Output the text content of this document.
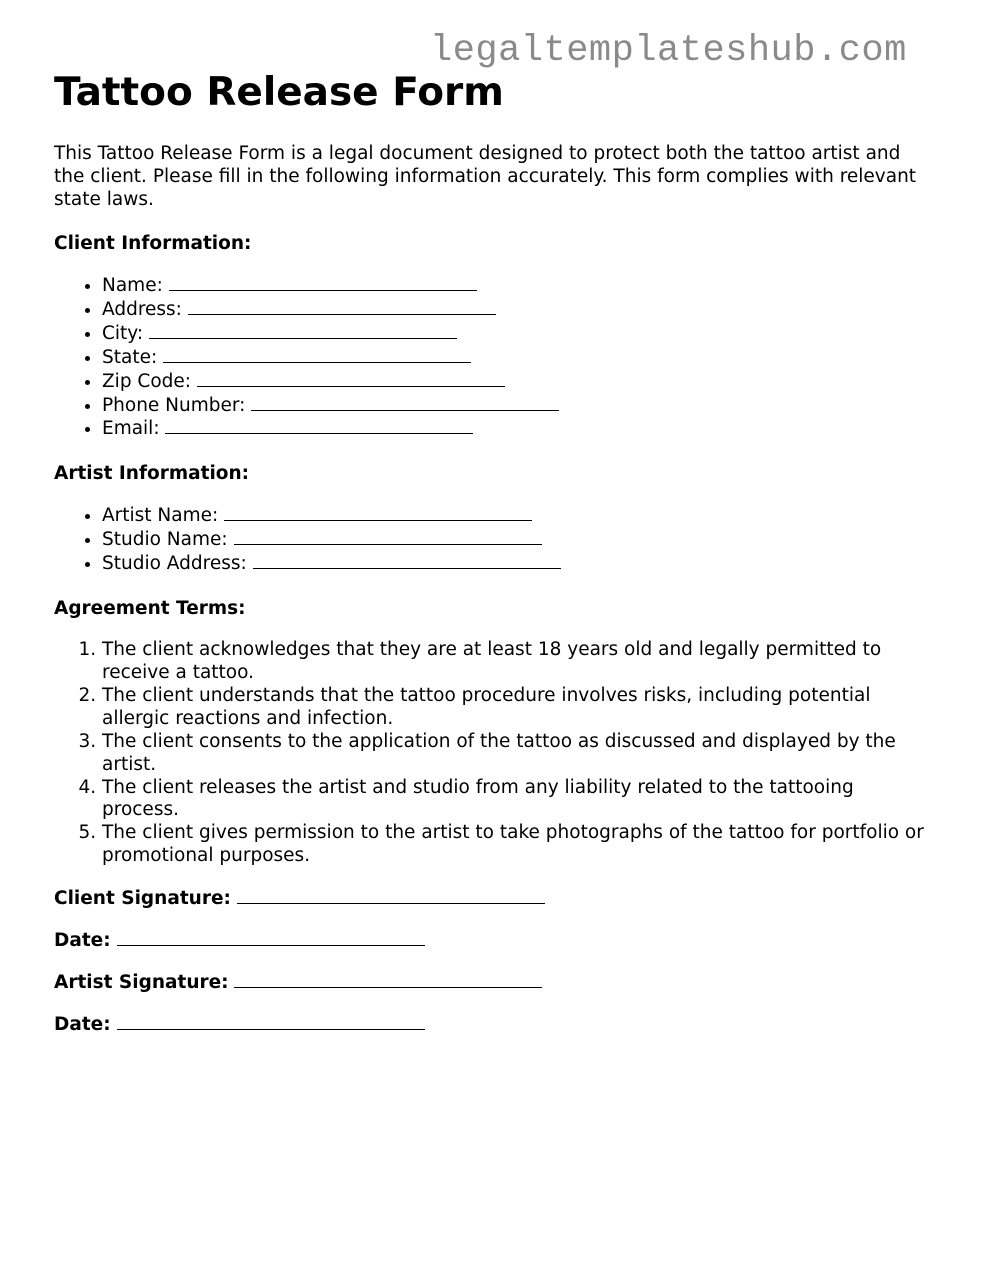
legaltemplateshub.com
Tattoo Release Form

This Tattoo Release Form is a legal document designed to protect both the tattoo artist and the client. Please fill in the following information accurately. This form complies with relevant state laws.

Client Information:

• Name:
• Address:
• City:
• State:
• Zip Code:
• Phone Number:
• Email:

Artist Information:

• Artist Name:
• Studio Name:
• Studio Address:

Agreement Terms:

1. The client acknowledges that they are at least 18 years old and legally permitted to receive a tattoo.
2. The client understands that the tattoo procedure involves risks, including potential allergic reactions and infection.
3. The client consents to the application of the tattoo as discussed and displayed by the artist.
4. The client releases the artist and studio from any liability related to the tattooing process.
5. The client gives permission to the artist to take photographs of the tattoo for portfolio or promotional purposes.

Client Signature:

Date:

Artist Signature:

Date:
